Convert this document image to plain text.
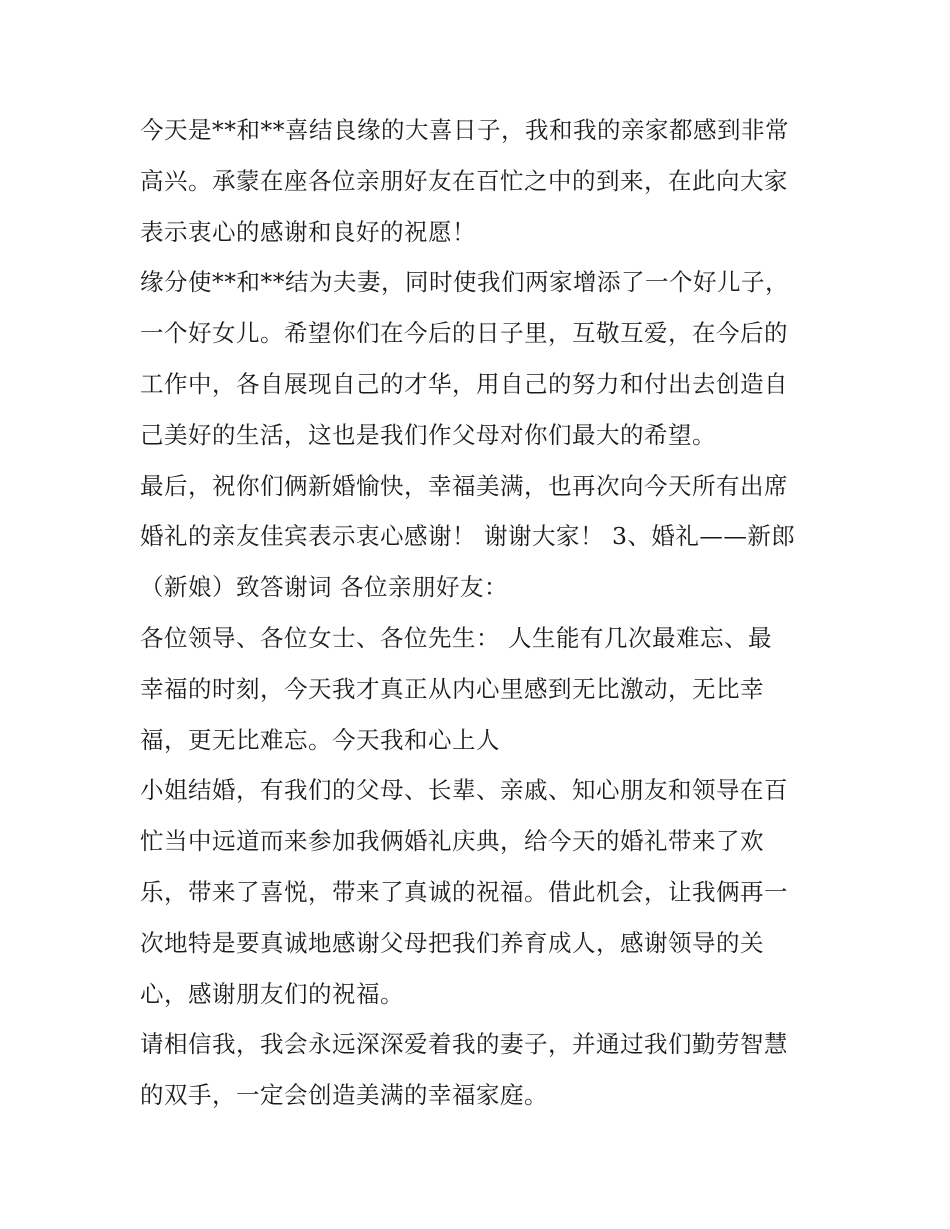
今天是**和**喜结良缘的大喜日子，我和我的亲家都感到非常
高兴。承蒙在座各位亲朋好友在百忙之中的到来，在此向大家
表示衷心的感谢和良好的祝愿！
缘分使**和**结为夫妻，同时使我们两家增添了一个好儿子，
一个好女儿。希望你们在今后的日子里，互敬互爱，在今后的
工作中，各自展现自己的才华，用自己的努力和付出去创造自
己美好的生活，这也是我们作父母对你们最大的希望。
最后，祝你们俩新婚愉快，幸福美满，也再次向今天所有出席
婚礼的亲友佳宾表示衷心感谢！ 谢谢大家！ 3、婚礼——新郎
（新娘）致答谢词 各位亲朋好友：
各位领导、各位女士、各位先生： 人生能有几次最难忘、最
幸福的时刻，今天我才真正从内心里感到无比激动，无比幸
福，更无比难忘。今天我和心上人
小姐结婚，有我们的父母、长辈、亲戚、知心朋友和领导在百
忙当中远道而来参加我俩婚礼庆典，给今天的婚礼带来了欢
乐，带来了喜悦，带来了真诚的祝福。借此机会，让我俩再一
次地特是要真诚地感谢父母把我们养育成人，感谢领导的关
心，感谢朋友们的祝福。
请相信我，我会永远深深爱着我的妻子，并通过我们勤劳智慧
的双手，一定会创造美满的幸福家庭。
